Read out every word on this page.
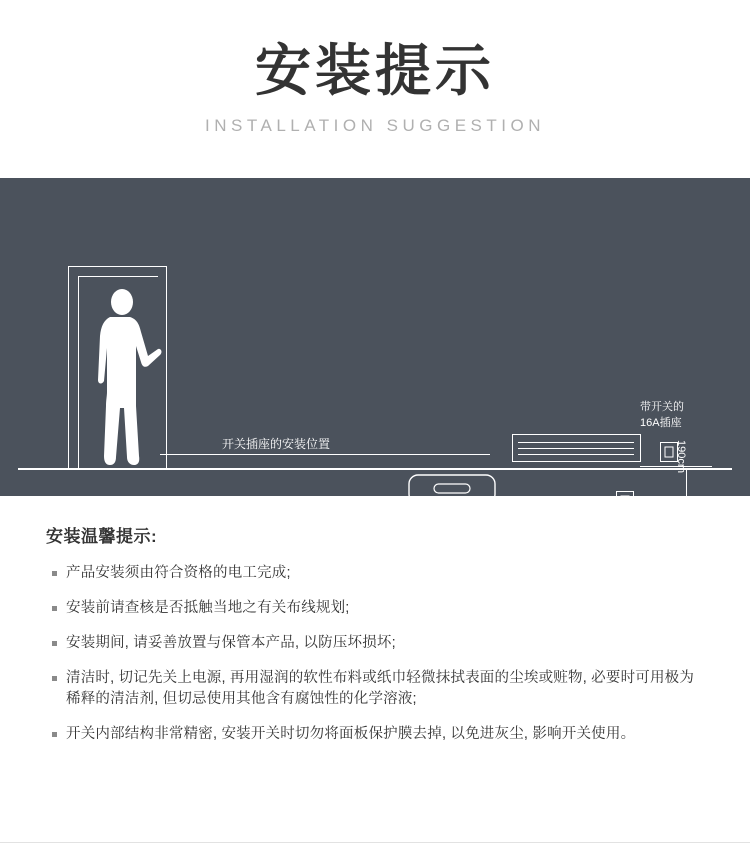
安装提示
INSTALLATION SUGGESTION
开关插座的安装位置
带开关的
16A插座
190cm
安装温馨提示:
产品安装须由符合资格的电工完成;
安装前请查核是否抵触当地之有关布线规划;
安装期间, 请妥善放置与保管本产品, 以防压坏损坏;
清洁时, 切记先关上电源, 再用湿润的软性布料或纸巾轻微抹拭表面的尘埃或赃物, 必要时可用极为稀释的清洁剂, 但切忌使用其他含有腐蚀性的化学溶液;
开关内部结构非常精密, 安装开关时切勿将面板保护膜去掉, 以免进灰尘, 影响开关使用。
